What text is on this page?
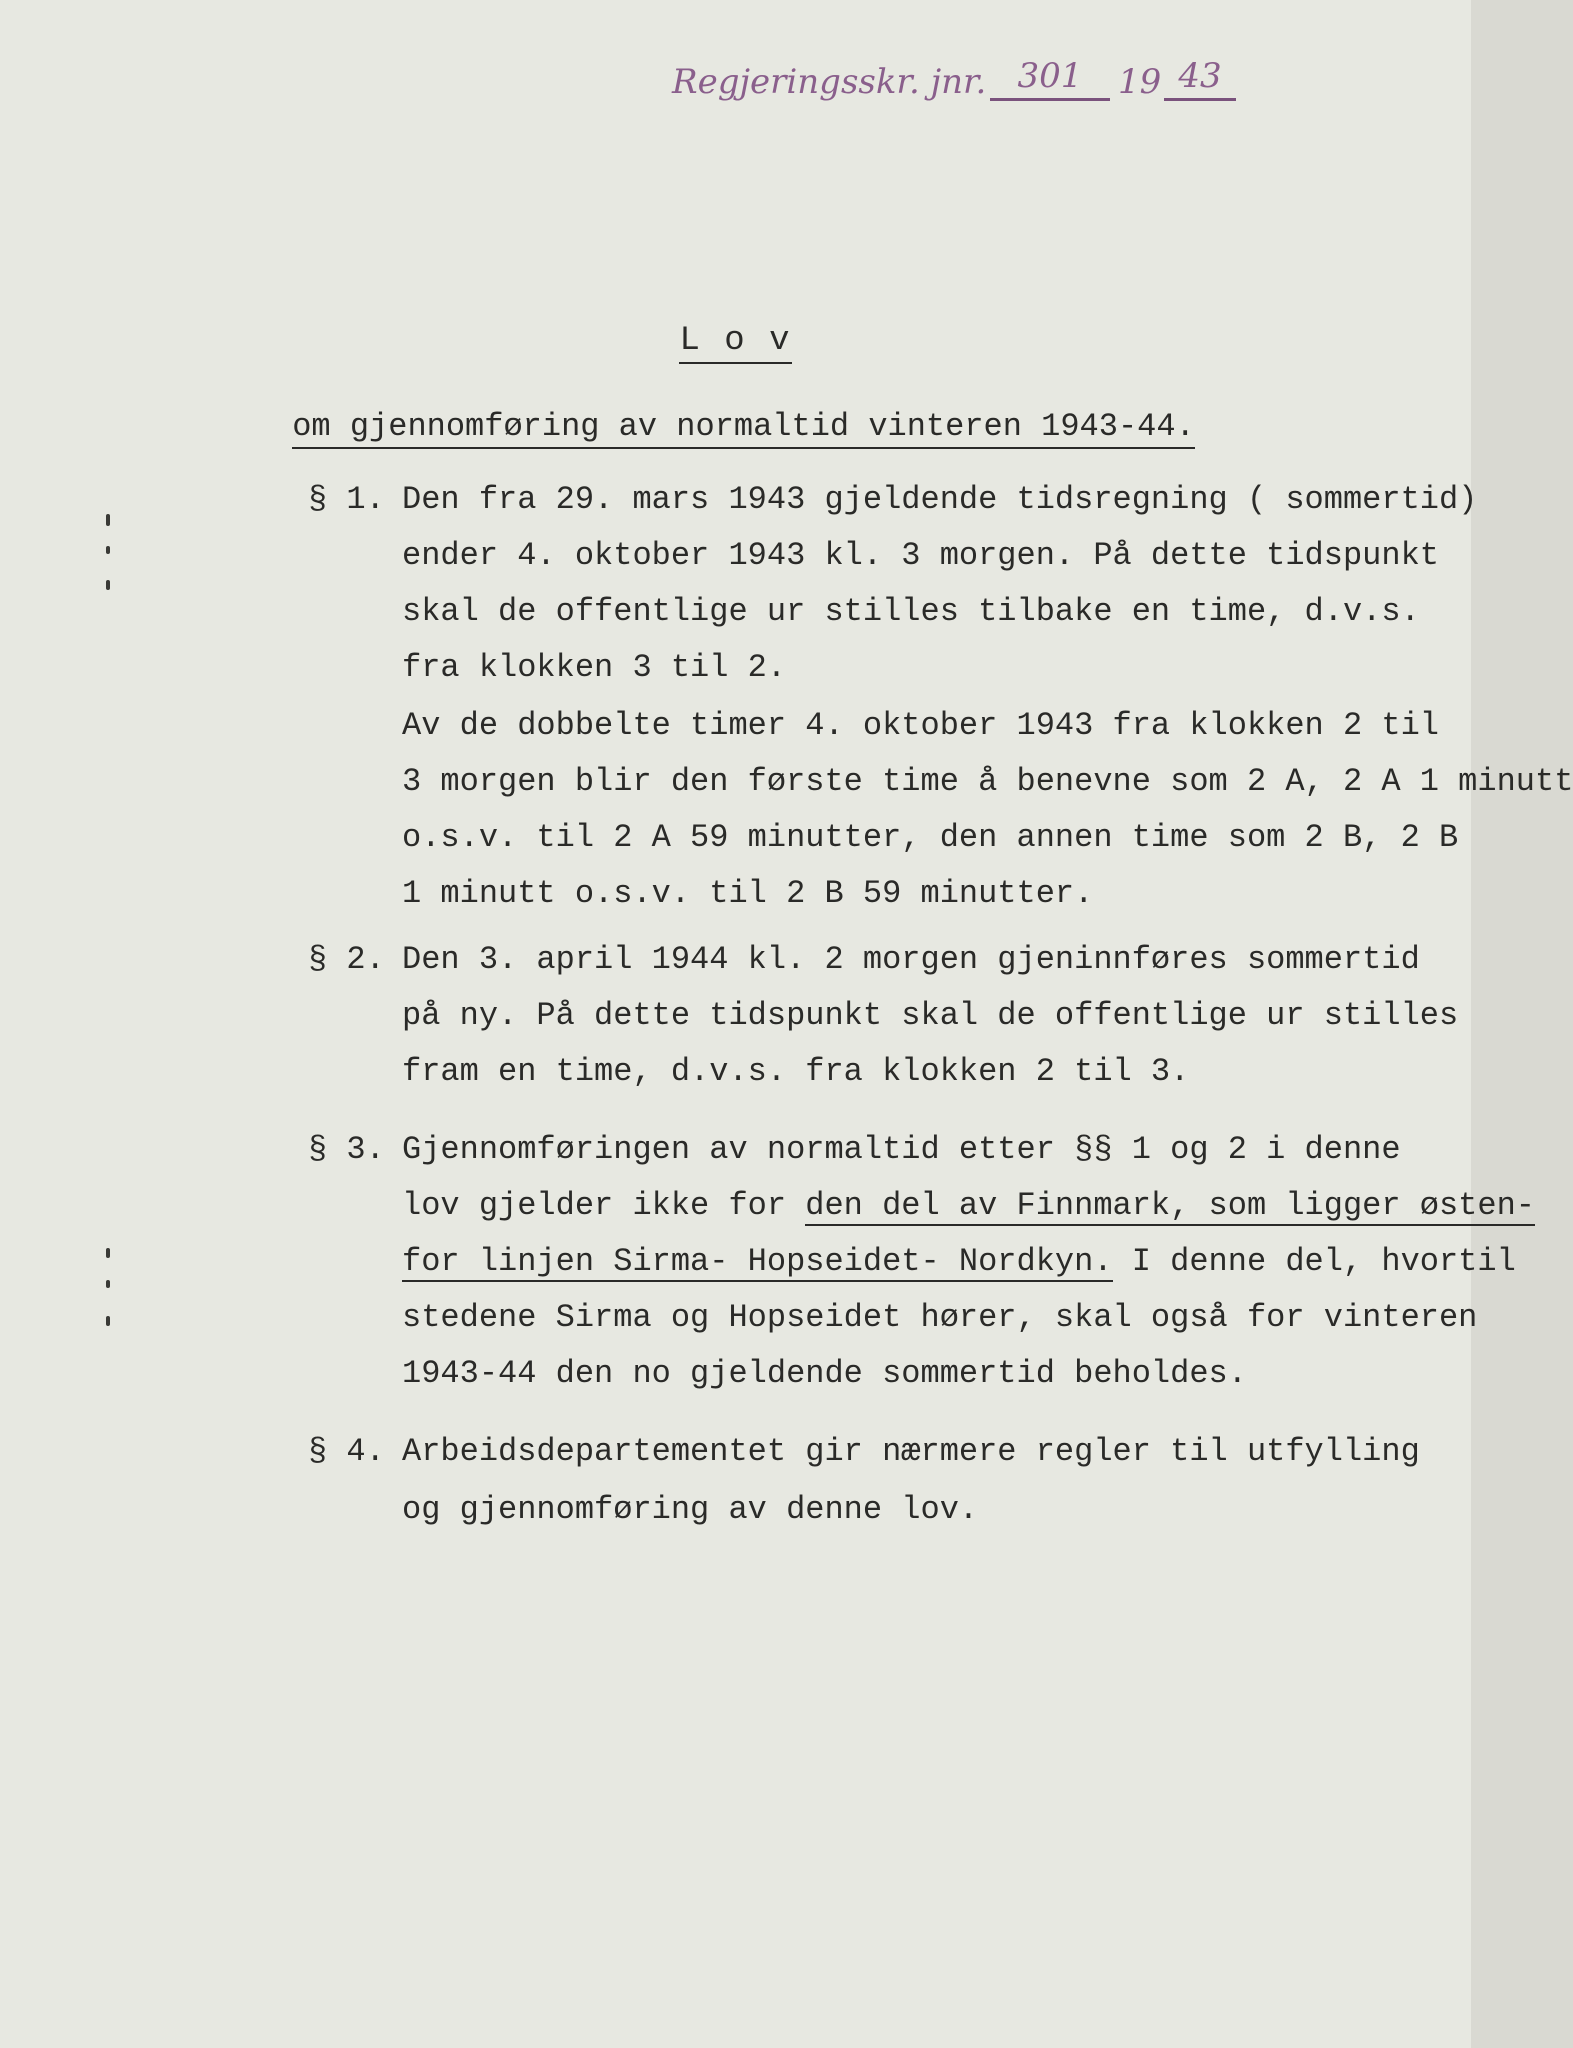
Regjeringsskr. jnr. 301	19 43
L o v
om gjennomføring av normaltid vinteren 1943-44.
§ 1. Den fra 29. mars 1943 gjeldende tidsregning ( sommertid)
ender 4. oktober 1943 kl. 3 morgen. På dette tidspunkt
skal de offentlige ur stilles tilbake en time, d.v.s.
fra klokken 3 til 2.
Av de dobbelte timer 4. oktober 1943 fra klokken 2 til
3 morgen blir den første time å benevne som 2 A, 2 A 1 minutt
o.s.v. til 2 A 59 minutter, den annen time som 2 B, 2 B
1 minutt o.s.v. til 2 B 59 minutter.
§ 2. Den 3. april 1944 kl. 2 morgen gjeninnføres sommertid
på ny. På dette tidspunkt skal de offentlige ur stilles
fram en time, d.v.s. fra klokken 2 til 3.
§ 3. Gjennomføringen av normaltid etter §§ 1 og 2 i denne
lov gjelder ikke for den del av Finnmark, som ligger østen-
for linjen Sirma- Hopseidet- Nordkyn. I denne del, hvortil
stedene Sirma og Hopseidet hører, skal også for vinteren
1943-44 den no gjeldende sommertid beholdes.
§ 4. Arbeidsdepartementet gir nærmere regler til utfylling
og gjennomføring av denne lov.
